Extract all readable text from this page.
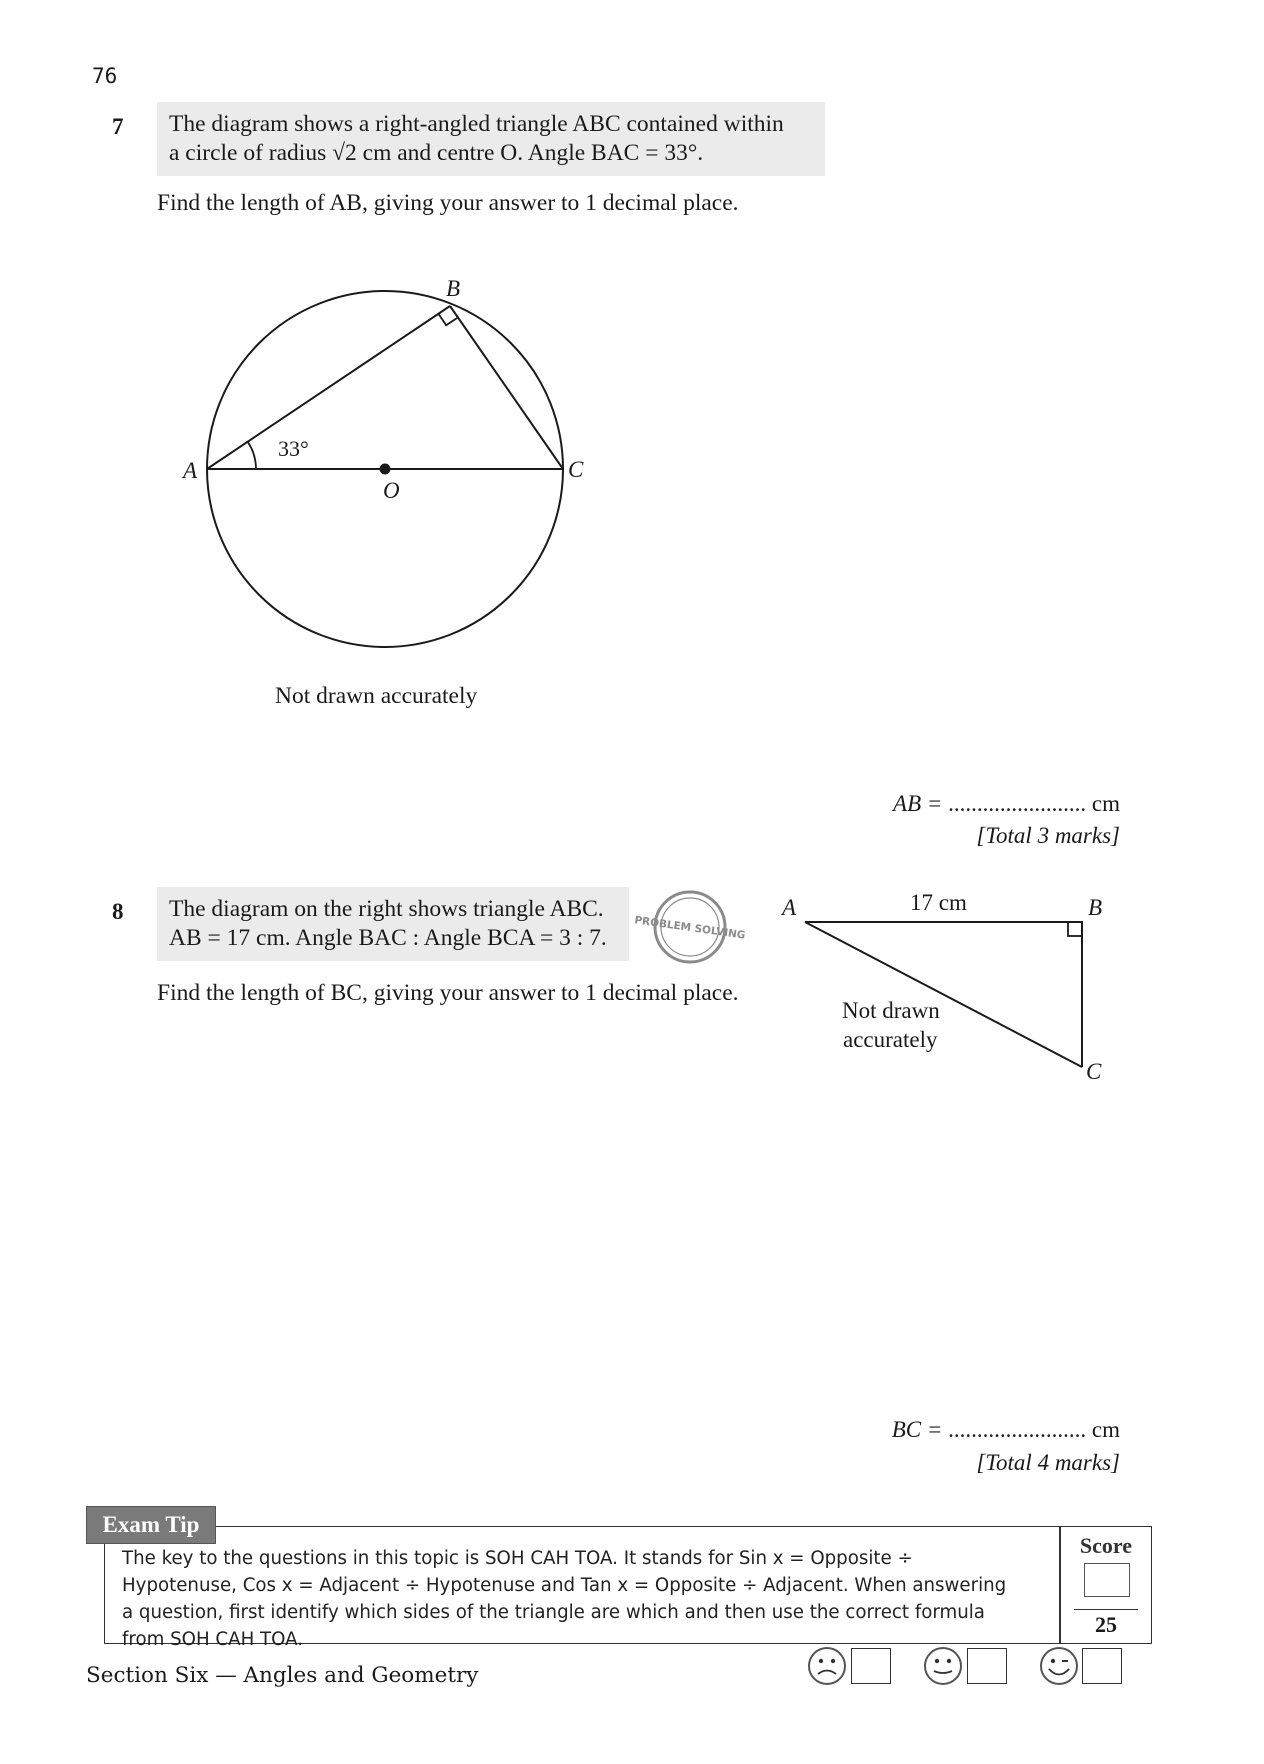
76
7 The diagram shows a right-angled triangle ABC contained within
a circle of radius √2 cm and centre O. Angle BAC = 33°.
Find the length of AB, giving your answer to 1 decimal place.
33°
A
B
C
O
Not drawn accurately
AB = ........................ cm
[Total 3 marks]
8 The diagram on the right shows triangle ABC.
AB = 17 cm. Angle BAC : Angle BCA = 3 : 7.	PROBLEM SOLVING
Find the length of BC, giving your answer to 1 decimal place.
A	B
C
17 cm
Not drawn
accurately
BC = ........................ cm
[Total 4 marks]
Exam Tip
The key to the questions in this topic is SOH CAH TOA. It stands for Sin x = Opposite ÷ Hypotenuse, Cos x = Adjacent ÷ Hypotenuse and Tan x = Opposite ÷ Adjacent. When answering a question, first identify which sides of the triangle are which and then use the correct formula from SOH CAH TOA.
Score
25
Section Six — Angles and Geometry
